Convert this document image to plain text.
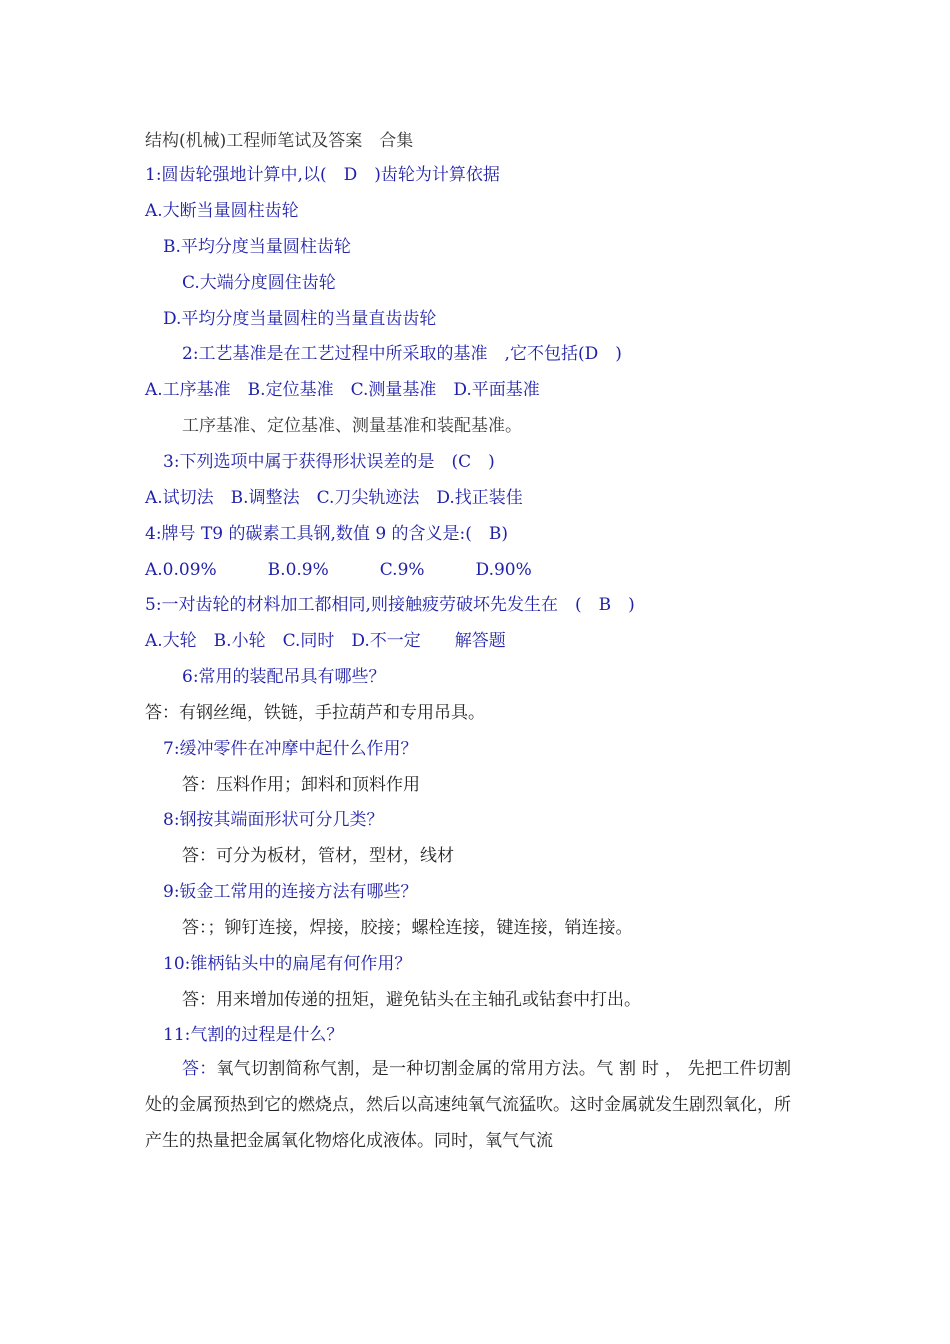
结构(机械)工程师笔试及答案　合集
1:圆齿轮强地计算中,以(　D　)齿轮为计算依据
A.大断当量圆柱齿轮
B.平均分度当量圆柱齿轮
C.大端分度圆住齿轮
D.平均分度当量圆柱的当量直齿齿轮
2:工艺基准是在工艺过程中所采取的基准　,它不包括(D　)
A.工序基准　B.定位基准　C.测量基准　D.平面基准
工序基准、定位基准、测量基准和装配基准。
3:下列选项中属于获得形状误差的是　(C　)
A.试切法　B.调整法　C.刀尖轨迹法　D.找正装佳
4:牌号 T9 的碳素工具钢,数值 9 的含义是:(　B)
A.0.09%　　　B.0.9%　　　C.9%　　　D.90%
5:一对齿轮的材料加工都相同,则接触疲劳破坏先发生在　(　B　)
A.大轮　B.小轮　C.同时　D.不一定　　解答题
6:常用的装配吊具有哪些？
答：有钢丝绳，铁链，手拉葫芦和专用吊具。
7:缓冲零件在冲摩中起什么作用？
答：压料作用；卸料和顶料作用
8:钢按其端面形状可分几类？
答：可分为板材，管材，型材，线材
9:钣金工常用的连接方法有哪些？
答：；铆钉连接，焊接，胶接；螺栓连接，键连接，销连接。
10:锥柄钻头中的扁尾有何作用？
答：用来增加传递的扭矩，避免钻头在主轴孔或钻套中打出。
11:气割的过程是什么？
答：氧气切割简称气割，是一种切割金属的常用方法。气 割 时 ， 先把工件切割处的金属预热到它的燃烧点，然后以高速纯氧气流猛吹。这时金属就发生剧烈氧化，所产生的热量把金属氧化物熔化成液体。同时，氧气气流
